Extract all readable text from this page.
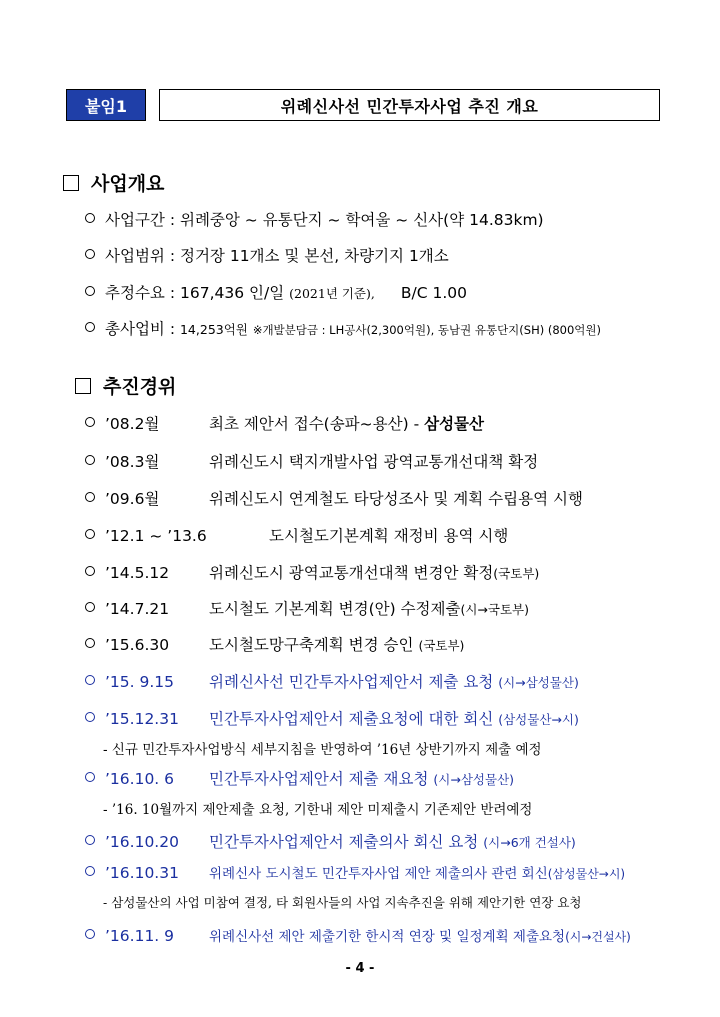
붙임1	위례신사선 민간투자사업 추진 개요
사업개요
사업구간 : 위례중앙 ~ 유통단지 ~ 학여울 ~ 신사(약 14.83km)
사업범위 : 정거장 11개소 및 본선, 차량기지 1개소
추정수요 : 167,436 인/일 (2021년 기준), B/C 1.00
총사업비 : 14,253억원 ※개발분담금 : LH공사(2,300억원), 동남권 유통단지(SH) (800억원)
추진경위
’08.2월	최초 제안서 접수(송파~용산) - 삼성물산
’08.3월	위례신도시 택지개발사업 광역교통개선대책 확정
’09.6월	위례신도시 연계철도 타당성조사 및 계획 수립용역 시행
’12.1 ~ ’13.6	도시철도기본계획 재정비 용역 시행
’14.5.12	위례신도시 광역교통개선대책 변경안 확정(국토부)
’14.7.21	도시철도 기본계획 변경(안) 수정제출(시→국토부)
’15.6.30	도시철도망구축계획 변경 승인 (국토부)
’15. 9.15 위례신사선 민간투자사업제안서 제출 요청 (시→삼성물산)
’15.12.31 민간투자사업제안서 제출요청에 대한 회신 (삼성물산→시)
- 신규 민간투자사업방식 세부지침을 반영하여 ’16년 상반기까지 제출 예정
’16.10. 6 민간투자사업제안서 제출 재요청 (시→삼성물산)
- ’16. 10월까지 제안제출 요청, 기한내 제안 미제출시 기존제안 반려예정
’16.10.20 민간투자사업제안서 제출의사 회신 요청 (시→6개 건설사)
’16.10.31 위례신사 도시철도 민간투자사업 제안 제출의사 관련 회신(삼성물산→시)
- 삼성물산의 사업 미참여 결정, 타 회원사들의 사업 지속추진을 위해 제안기한 연장 요청
’16.11. 9	위례신사선 제안 제출기한 한시적 연장 및 일정계획 제출요청(시→건설사)
- 4 -
